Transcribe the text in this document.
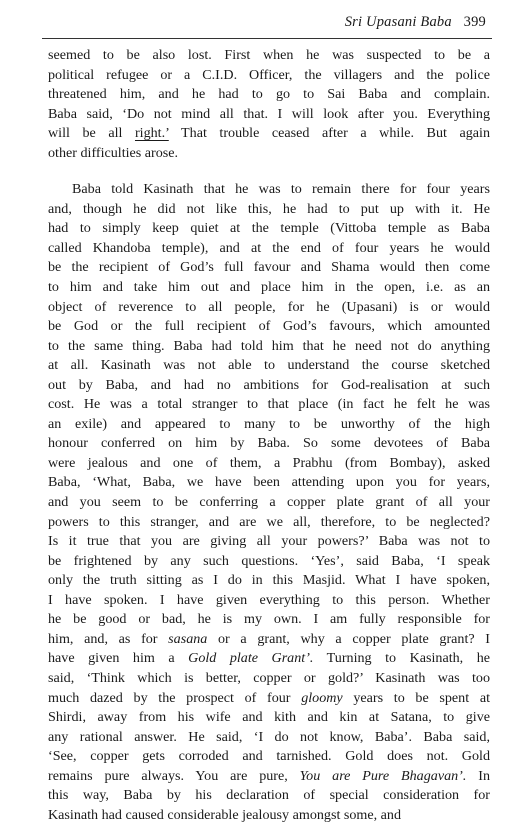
Sri Upasani Baba 399

seemed to be also lost. First when he was suspected to be a
political refugee or a C.I.D. Officer, the villagers and the police
threatened him, and he had to go to Sai Baba and complain.
Baba said, ‘Do not mind all that. I will look after you. Everything
will be all right.’ That trouble ceased after a while. But again
other difficulties arose.

Baba told Kasinath that he was to remain there for four years
and, though he did not like this, he had to put up with it. He
had to simply keep quiet at the temple (Vittoba temple as Baba
called Khandoba temple), and at the end of four years he would
be the recipient of God’s full favour and Shama would then come
to him and take him out and place him in the open, i.e. as an
object of reverence to all people, for he (Upasani) is or would
be God or the full recipient of God’s favours, which amounted
to the same thing. Baba had told him that he need not do anything
at all. Kasinath was not able to understand the course sketched
out by Baba, and had no ambitions for God-realisation at such
cost. He was a total stranger to that place (in fact he felt he was
an exile) and appeared to many to be unworthy of the high
honour conferred on him by Baba. So some devotees of Baba
were jealous and one of them, a Prabhu (from Bombay), asked
Baba, ‘What, Baba, we have been attending upon you for years,
and you seem to be conferring a copper plate grant of all your
powers to this stranger, and are we all, therefore, to be neglected?
Is it true that you are giving all your powers?’ Baba was not to
be frightened by any such questions. ‘Yes’, said Baba, ‘I speak
only the truth sitting as I do in this Masjid. What I have spoken,
I have spoken. I have given everything to this person. Whether
he be good or bad, he is my own. I am fully responsible for
him, and, as for sasana or a grant, why a copper plate grant? I
have given him a Gold plate Grant’. Turning to Kasinath, he
said, ‘Think which is better, copper or gold?’ Kasinath was too
much dazed by the prospect of four gloomy years to be spent at
Shirdi, away from his wife and kith and kin at Satana, to give
any rational answer. He said, ‘I do not know, Baba’. Baba said,
‘See, copper gets corroded and tarnished. Gold does not. Gold
remains pure always. You are pure, You are Pure Bhagavan’. In
this way, Baba by his declaration of special consideration for
Kasinath had caused considerable jealousy amongst some, and
